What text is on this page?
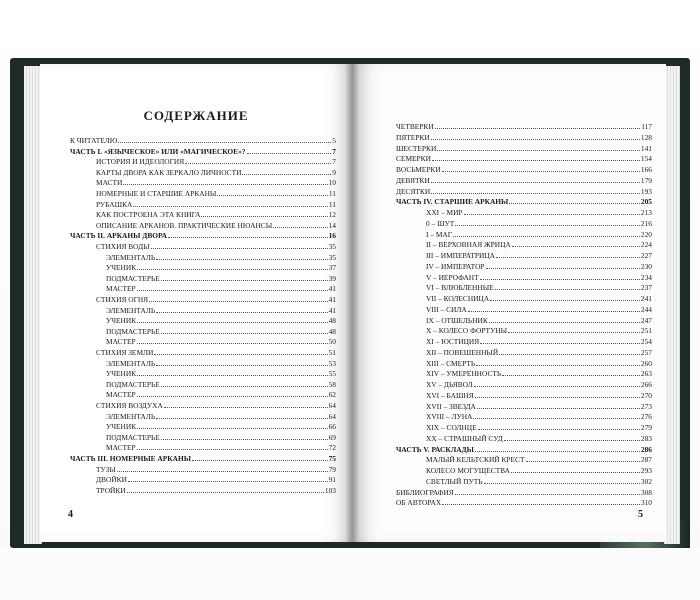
СОДЕРЖАНИЕ
К ЧИТАТЕЛЮ	5
ЧАСТЬ I. «ЯЗЫЧЕСКОЕ» ИЛИ «МАГИЧЕСКОЕ»?	7
ИСТОРИЯ И ИДЕОЛОГИЯ	7
КАРТЫ ДВОРА КАК ЗЕРКАЛО ЛИЧНОСТИ	9
МАСТИ	10
НОМЕРНЫЕ И СТАРШИЕ АРКАНЫ	11
РУБАШКА	11
КАК ПОСТРОЕНА ЭТА КНИГА	12
ОПИСАНИЕ АРКАНОВ. ПРАКТИЧЕСКИЕ НЮАНСЫ	14
ЧАСТЬ II. АРКАНЫ ДВОРА	16
СТИХИЯ ВОДЫ	35
ЭЛЕМЕНТАЛЬ	35
УЧЕНИК	37
ПОДМАСТЕРЬЕ	39
МАСТЕР	41
СТИХИЯ ОГНЯ	41
ЭЛЕМЕНТАЛЬ	41
УЧЕНИК	48
ПОДМАСТЕРЬЕ	48
МАСТЕР	50
СТИХИЯ ЗЕМЛИ	51
ЭЛЕМЕНТАЛЬ	53
УЧЕНИК	55
ПОДМАСТЕРЬЕ	58
МАСТЕР	62
СТИХИЯ ВОЗДУХА	64
ЭЛЕМЕНТАЛЬ	64
УЧЕНИК	66
ПОДМАСТЕРЬЕ	69
МАСТЕР	72
ЧАСТЬ III. НОМЕРНЫЕ АРКАНЫ	75
ТУЗЫ	79
ДВОЙКИ	91
ТРОЙКИ	103
4
ЧЕТВЕРКИ	117
ПЯТЕРКИ	128
ШЕСТЕРКИ	141
СЕМЕРКИ	154
ВОСЬМЕРКИ	166
ДЕВЯТКИ	179
ДЕСЯТКИ	193
ЧАСТЬ IV. СТАРШИЕ АРКАНЫ	205
XXI – МИР	213
0 – ШУТ	216
I – МАГ	220
II – ВЕРХОВНАЯ ЖРИЦА	224
III – ИМПЕРАТРИЦА	227
IV – ИМПЕРАТОР	230
V – ИЕРОФАНТ	234
VI – ВЛЮБЛЕННЫЕ	237
VII – КОЛЕСНИЦА	241
VIII – СИЛА	244
IX – ОТШЕЛЬНИК	247
X – КОЛЕСО ФОРТУНЫ	251
XI – ЮСТИЦИЯ	254
XII – ПОВЕШЕННЫЙ	257
XIII – СМЕРТЬ	260
XIV – УМЕРЕННОСТЬ	263
XV – ДЬЯВОЛ	266
XVI – БАШНЯ	270
XVII – ЗВЕЗДА	273
XVIII – ЛУНА	276
XIX – СОЛНЦЕ	279
XX – СТРАШНЫЙ СУД	283
ЧАСТЬ V. РАСКЛАДЫ	286
МАЛЫЙ КЕЛЬТСКИЙ КРЕСТ	287
КОЛЕСО МОГУЩЕСТВА	293
СВЕТЛЫЙ ПУТЬ	302
БИБЛИОГРАФИЯ	308
ОБ АВТОРАХ	310
5
